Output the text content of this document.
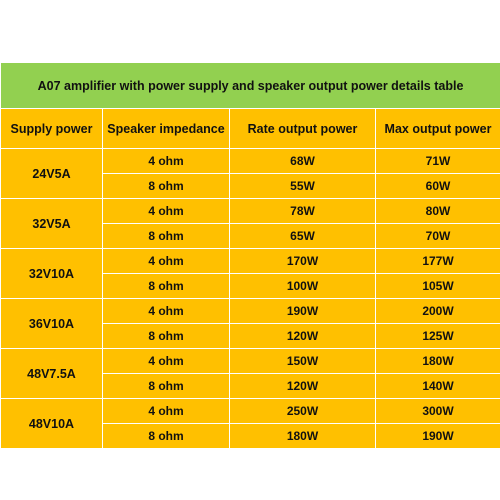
A07 amplifier with power supply and speaker output power details table			
Supply power	Speaker impedance	Rate output power	Max output power
24V5A	4 ohm	68W	71W
	8 ohm	55W	60W
32V5A	4 ohm	78W	80W
	8 ohm	65W	70W
32V10A	4 ohm	170W	177W
	8 ohm	100W	105W
36V10A	4 ohm	190W	200W
	8 ohm	120W	125W
48V7.5A	4 ohm	150W	180W
	8 ohm	120W	140W
48V10A	4 ohm	250W	300W
	8 ohm	180W	190W
